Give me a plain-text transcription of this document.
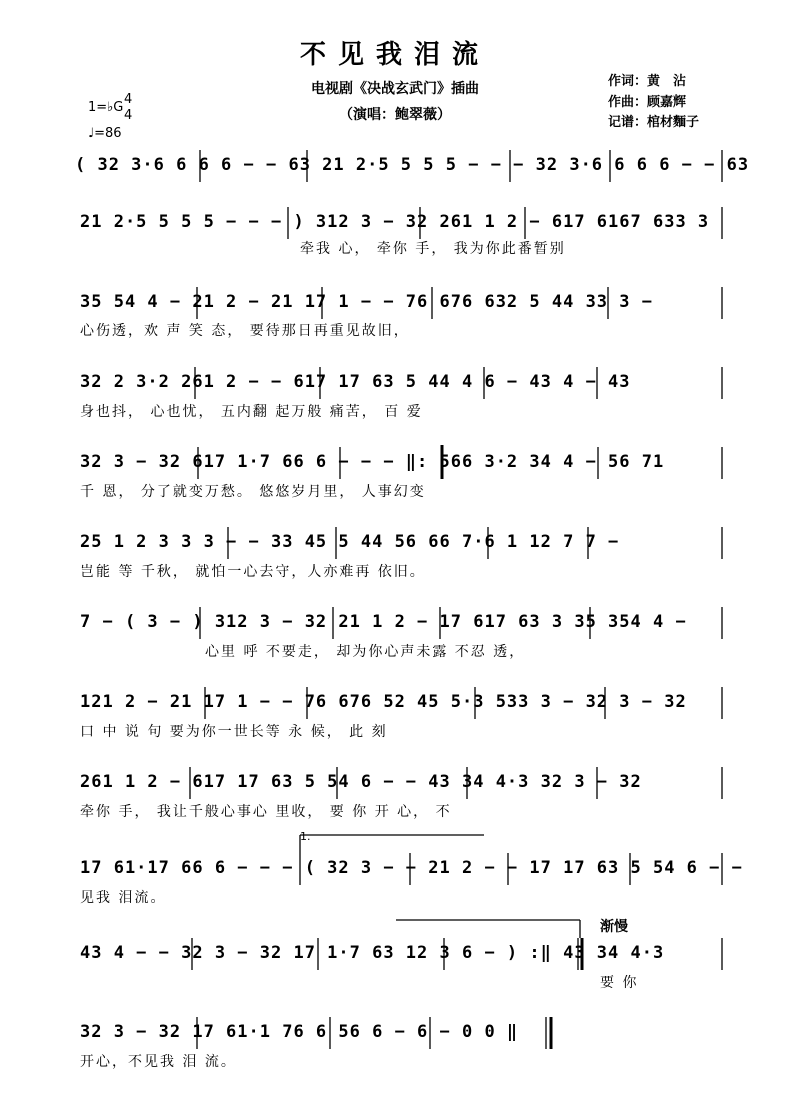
不见我泪流
电视剧《决战玄武门》插曲
（演唱：鲍翠薇）
作词：黄　沾
作曲：顾嘉辉
记谱：棺材麵子
1=♭G
4
4
♩=86
( 32 3·6 6 6 6 − − 63 21 2·5 5 5 5 − − − 32 3·6 6 6 6 − − 63
21 2·5 5 5 5 − − − ) 312 3 − 32 261 1 2 − 617 6167 633 3
牵我 心， 牵你 手， 我为你此番暂别
35 54 4 − 21 2 − 21 17 1 − − 76 676 632 5 44 33 3 −
心伤透，欢 声 笑 态， 要待那日再重见故旧，
32 2 3·2 261 2 − − 617 17 63 5 44 4 6 − 43 4 − 43
身也抖， 心也忧， 五内翻 起万般 痛苦， 百 爱
32 3 − 32 617 1·7 66 6 − − − ‖: 566 3·2 34 4 − 56 71
千 恩， 分了就变万愁。 悠悠岁月里， 人事幻变
25 1 2 3 3 3 − − 33 45 5 44 56 66 7·6 1 12 7 7 −
岂能 等 千秋， 就怕一心去守，人亦难再 依旧。
7 − ( 3 − ) 312 3 − 32 21 1 2 − 17 617 63 3 35 354 4 −
心里 呼 不要走， 却为你心声未露 不忍 透，
121 2 − 21 17 1 − − 76 676 52 45 5·3 533 3 − 32 3 − 32
口 中 说 句 要为你一世长等 永 候， 此 刻
261 1 2 − 617 17 63 5 54 6 − − 43 34 4·3 32 3 − 32
牵你 手， 我让千般心事心 里收， 要 你 开 心， 不
1.
17 61·17 66 6 − − − ( 32 3 − − 21 2 − − 17 17 63 5 54 6 − −
见我 泪流。
渐慢
43 4 − − 32 3 − 32 17 1·7 63 12 3 6 − ) :‖ 43 34 4·3
要 你
32 3 − 32 17 61·1 76 6 56 6 − 6 − 0 0 ‖
开心，不见我 泪 流。
